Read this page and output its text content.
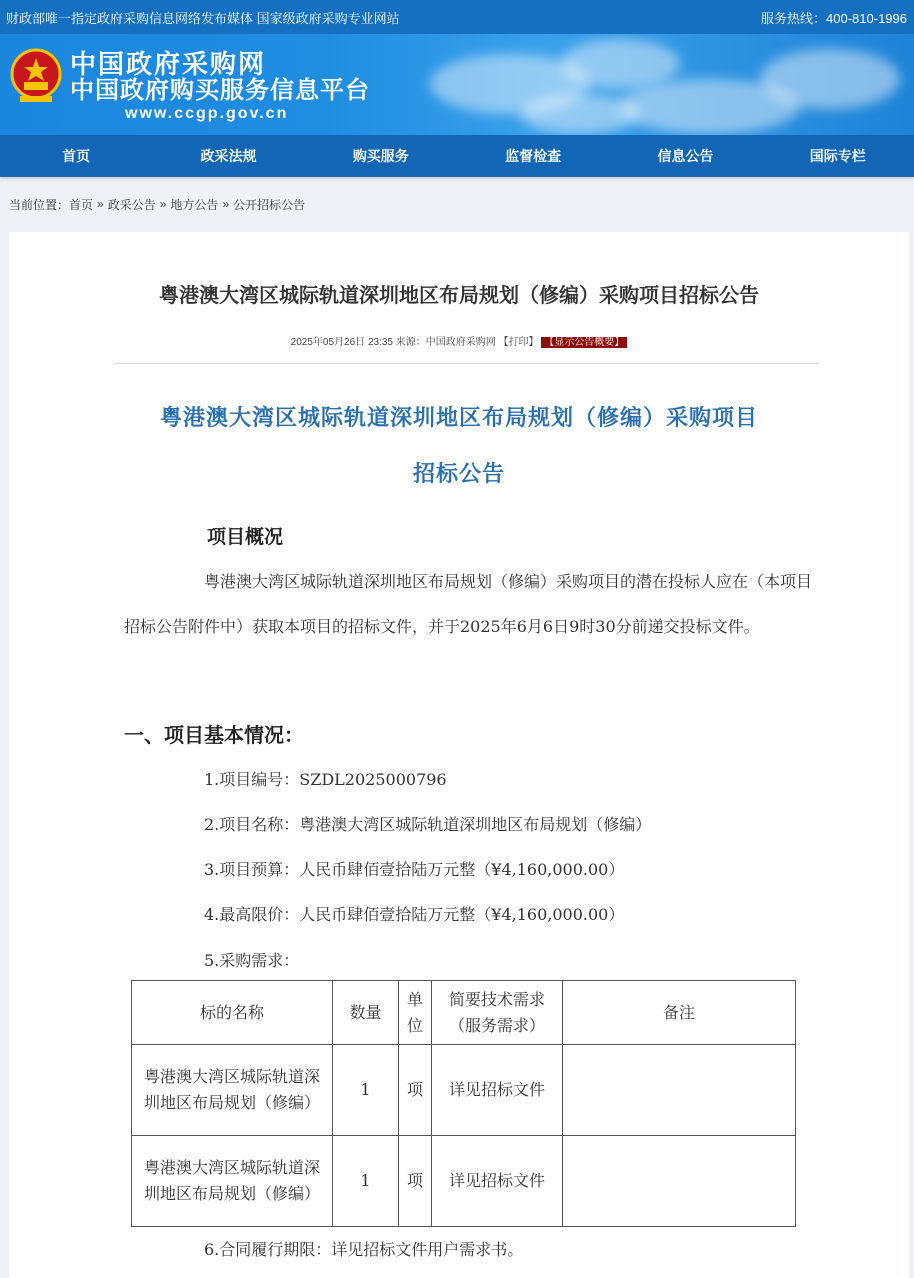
财政部唯一指定政府采购信息网络发布媒体 国家级政府采购专业网站	服务热线：400-810-1996
中国政府采购网
中国政府购买服务信息平台
www.ccgp.gov.cn
首页	政采法规	购买服务	监督检查	信息公告	国际专栏
当前位置： 首页 » 政采公告 » 地方公告 » 公开招标公告
粤港澳大湾区城际轨道深圳地区布局规划（修编）采购项目招标公告
2025年05月26日 23:35 来源：中国政府采购网 【打印】 【显示公告概要】
粤港澳大湾区城际轨道深圳地区布局规划（修编）采购项目
招标公告
项目概况
粤港澳大湾区城际轨道深圳地区布局规划（修编）采购项目的潜在投标人应在（本项目招标公告附件中）获取本项目的招标文件，并于2025年6月6日9时30分前递交投标文件。
一、项目基本情况：
1.项目编号：SZDL2025000796
2.项目名称：粤港澳大湾区城际轨道深圳地区布局规划（修编）
3.项目预算：人民币肆佰壹拾陆万元整（¥4,160,000.00）
4.最高限价：人民币肆佰壹拾陆万元整（¥4,160,000.00）
5.采购需求：
标的名称	数量	单位	简要技术需求（服务需求）	备注
粤港澳大湾区城际轨道深圳地区布局规划（修编）	1	项	详见招标文件	
粤港澳大湾区城际轨道深圳地区布局规划（修编）	1	项	详见招标文件	
6.合同履行期限：详见招标文件用户需求书。
